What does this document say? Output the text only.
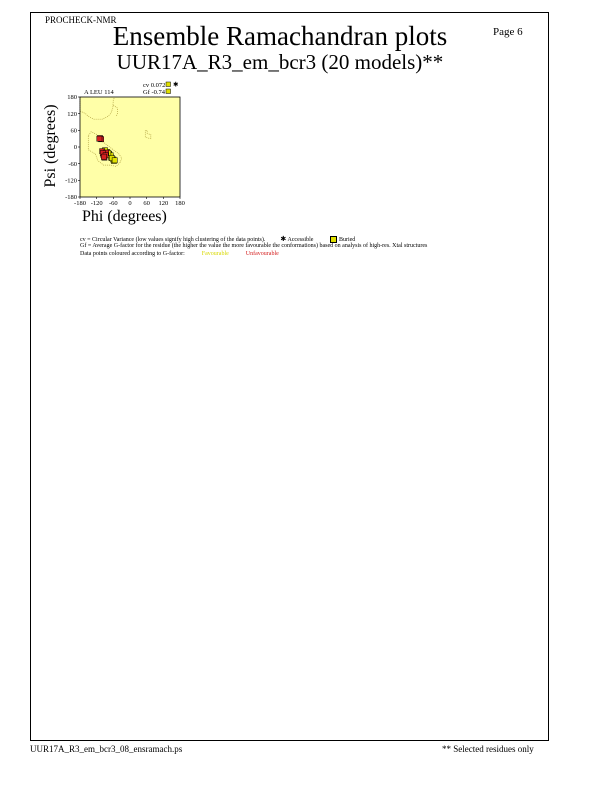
PROCHECK-NMR
Ensemble Ramachandran plots
UUR17A_R3_em_bcr3 (20 models)**
Page 6
-180 -120 -60 0 60 120 180
-180
-120
-60
0
60
120
180
A LEU 114
cv 0.072
Gf -0.74
✱
Psi (degrees)
Phi (degrees)
cv = Circular Variance (low values signify high clustering of the data points). ✱ Accessible	Buried
Gf = Average G-factor for the residue (the higher the value the more favourable the conformations) based on analysis of high-res. Xtal structures
Data points coloured according to G-factor:	Favourable	Unfavourable
UUR17A_R3_em_bcr3_08_ensramach.ps	** Selected residues only
